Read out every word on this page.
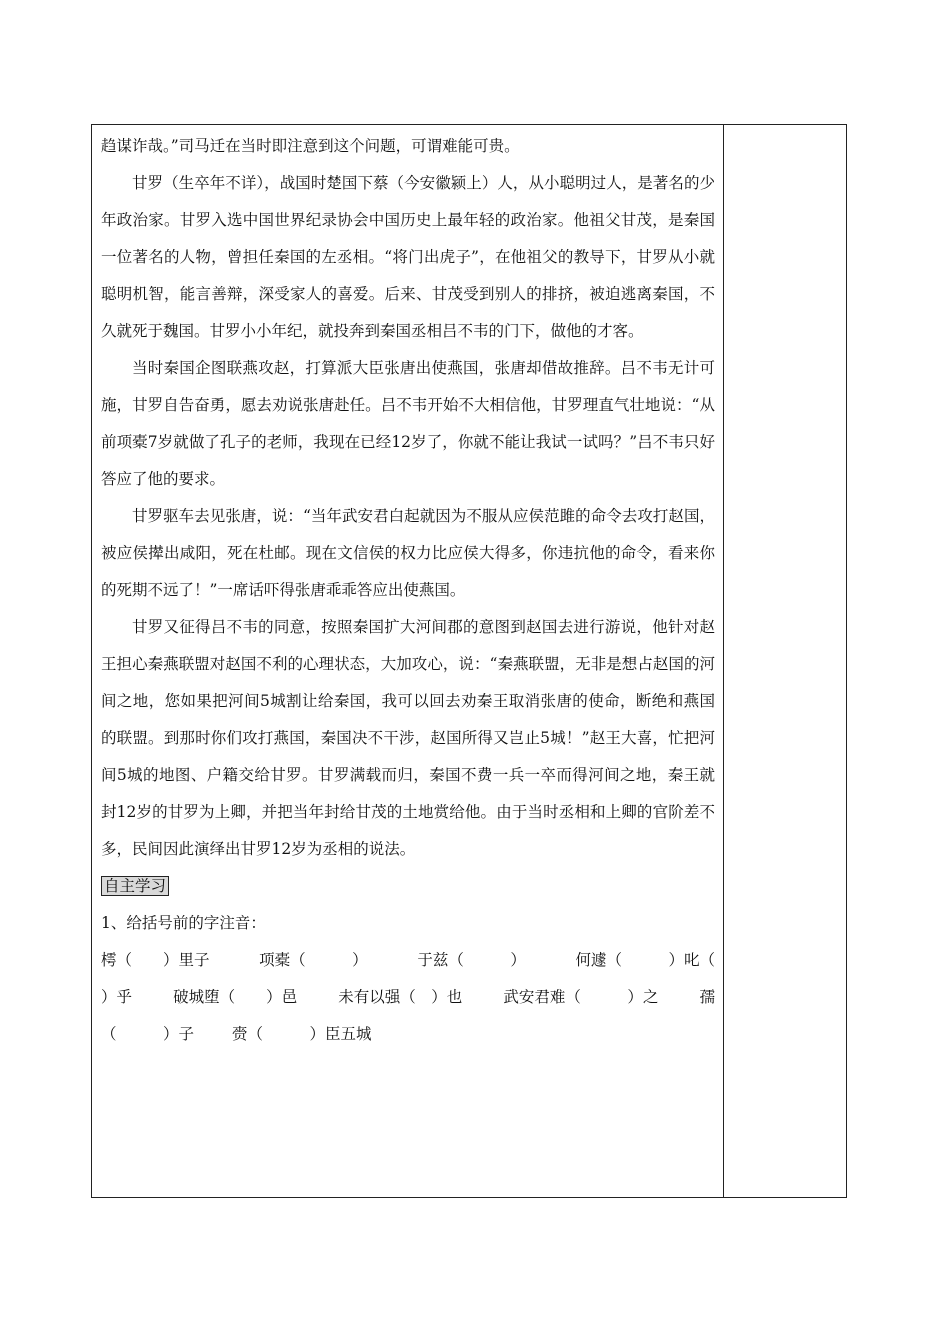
趋谋诈哉。”司马迁在当时即注意到这个问题，可谓难能可贵。

甘罗（生卒年不详），战国时楚国下蔡（今安徽颍上）人，从小聪明过人，是著名的少年政治家。甘罗入选中国世界纪录协会中国历史上最年轻的政治家。他祖父甘茂，是秦国一位著名的人物，曾担任秦国的左丞相。“将门出虎子”，在他祖父的教导下，甘罗从小就聪明机智，能言善辩，深受家人的喜爱。后来、甘茂受到别人的排挤，被迫逃离秦国，不久就死于魏国。甘罗小小年纪，就投奔到秦国丞相吕不韦的门下，做他的才客。

当时秦国企图联燕攻赵，打算派大臣张唐出使燕国，张唐却借故推辞。吕不韦无计可施，甘罗自告奋勇，愿去劝说张唐赴任。吕不韦开始不大相信他，甘罗理直气壮地说：“从前项橐7岁就做了孔子的老师，我现在已经12岁了，你就不能让我试一试吗？”吕不韦只好答应了他的要求。

甘罗驱车去见张唐，说：“当年武安君白起就因为不服从应侯范雎的命令去攻打赵国，被应侯撵出咸阳，死在杜邮。现在文信侯的权力比应侯大得多，你违抗他的命令，看来你的死期不远了！”一席话吓得张唐乖乖答应出使燕国。

甘罗又征得吕不韦的同意，按照秦国扩大河间郡的意图到赵国去进行游说，他针对赵王担心秦燕联盟对赵国不利的心理状态，大加攻心，说：“秦燕联盟，无非是想占赵国的河间之地，您如果把河间5城割让给秦国，我可以回去劝秦王取消张唐的使命，断绝和燕国的联盟。到那时你们攻打燕国，秦国决不干涉，赵国所得又岂止5城！”赵王大喜，忙把河间5城的地图、户籍交给甘罗。甘罗满载而归，秦国不费一兵一卒而得河间之地，秦王就封12岁的甘罗为上卿，并把当年封给甘茂的土地赏给他。由于当时丞相和上卿的官阶差不多，民间因此演绎出甘罗12岁为丞相的说法。

自主学习

1、给括号前的字注音：

樗（　　）里子	项橐（　　　）	于兹（　　　）	何遽（　　　）叱（
）乎	破城堕（　　）邑	未有以强（　）也	武安君难（　　　）之	孺
（　　　）子 赍（　　　）臣五城
